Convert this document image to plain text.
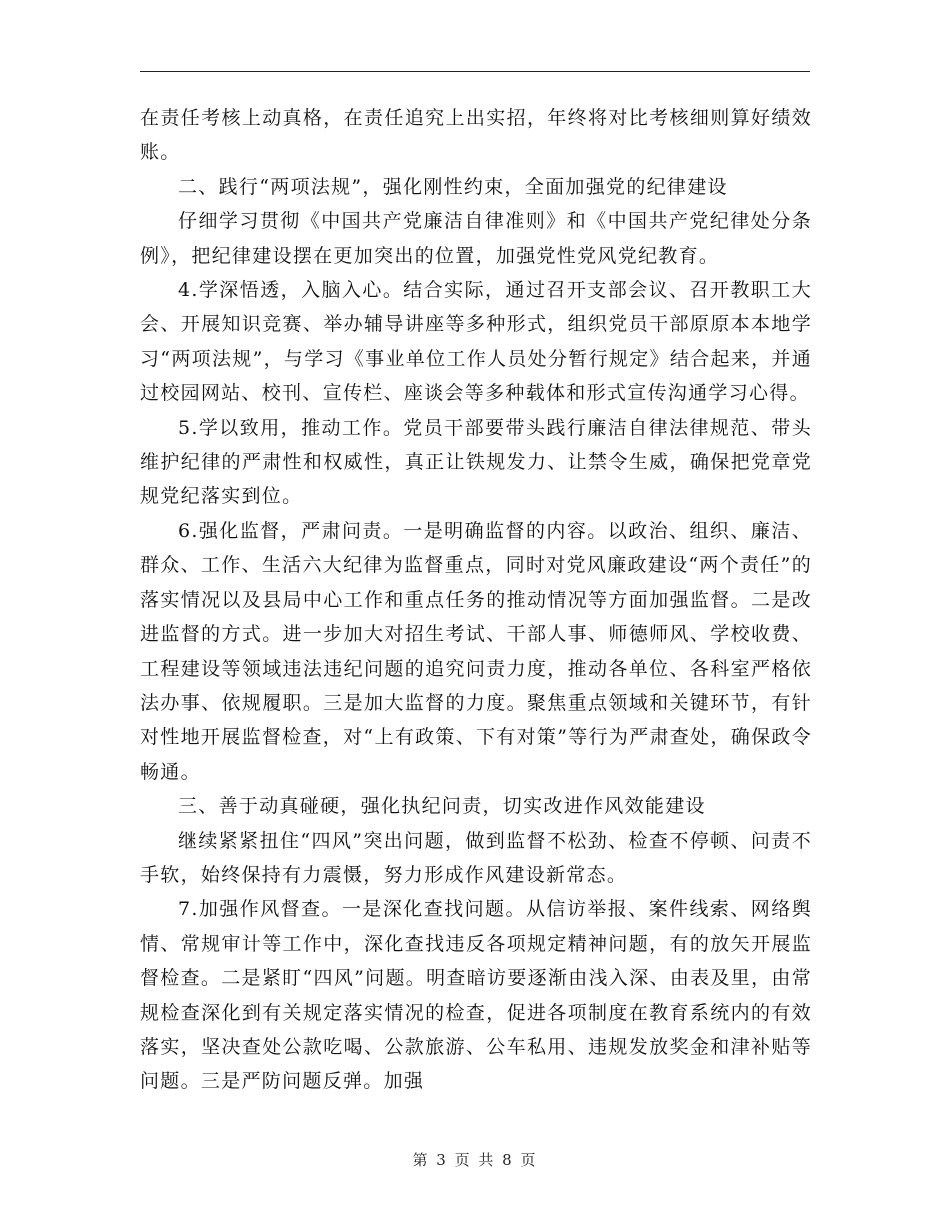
在责任考核上动真格，在责任追究上出实招，年终将对比考核细则算好绩效账。

二、践行“两项法规”，强化刚性约束，全面加强党的纪律建设

仔细学习贯彻《中国共产党廉洁自律准则》和《中国共产党纪律处分条例》，把纪律建设摆在更加突出的位置，加强党性党风党纪教育。

4.学深悟透，入脑入心。结合实际，通过召开支部会议、召开教职工大会、开展知识竞赛、举办辅导讲座等多种形式，组织党员干部原原本本地学习“两项法规”，与学习《事业单位工作人员处分暂行规定》结合起来，并通过校园网站、校刊、宣传栏、座谈会等多种载体和形式宣传沟通学习心得。

5.学以致用，推动工作。党员干部要带头践行廉洁自律法律规范、带头维护纪律的严肃性和权威性，真正让铁规发力、让禁令生威，确保把党章党规党纪落实到位。

6.强化监督，严肃问责。一是明确监督的内容。以政治、组织、廉洁、群众、工作、生活六大纪律为监督重点，同时对党风廉政建设“两个责任”的落实情况以及县局中心工作和重点任务的推动情况等方面加强监督。二是改进监督的方式。进一步加大对招生考试、干部人事、师德师风、学校收费、工程建设等领域违法违纪问题的追究问责力度，推动各单位、各科室严格依法办事、依规履职。三是加大监督的力度。聚焦重点领域和关键环节，有针对性地开展监督检查，对“上有政策、下有对策”等行为严肃查处，确保政令畅通。

三、善于动真碰硬，强化执纪问责，切实改进作风效能建设

继续紧紧扭住“四风”突出问题，做到监督不松劲、检查不停顿、问责不手软，始终保持有力震慑，努力形成作风建设新常态。

7.加强作风督查。一是深化查找问题。从信访举报、案件线索、网络舆情、常规审计等工作中，深化查找违反各项规定精神问题，有的放矢开展监督检查。二是紧盯“四风”问题。明查暗访要逐渐由浅入深、由表及里，由常规检查深化到有关规定落实情况的检查，促进各项制度在教育系统内的有效落实，坚决查处公款吃喝、公款旅游、公车私用、违规发放奖金和津补贴等问题。三是严防问题反弹。加强

第 3 页 共 8 页
